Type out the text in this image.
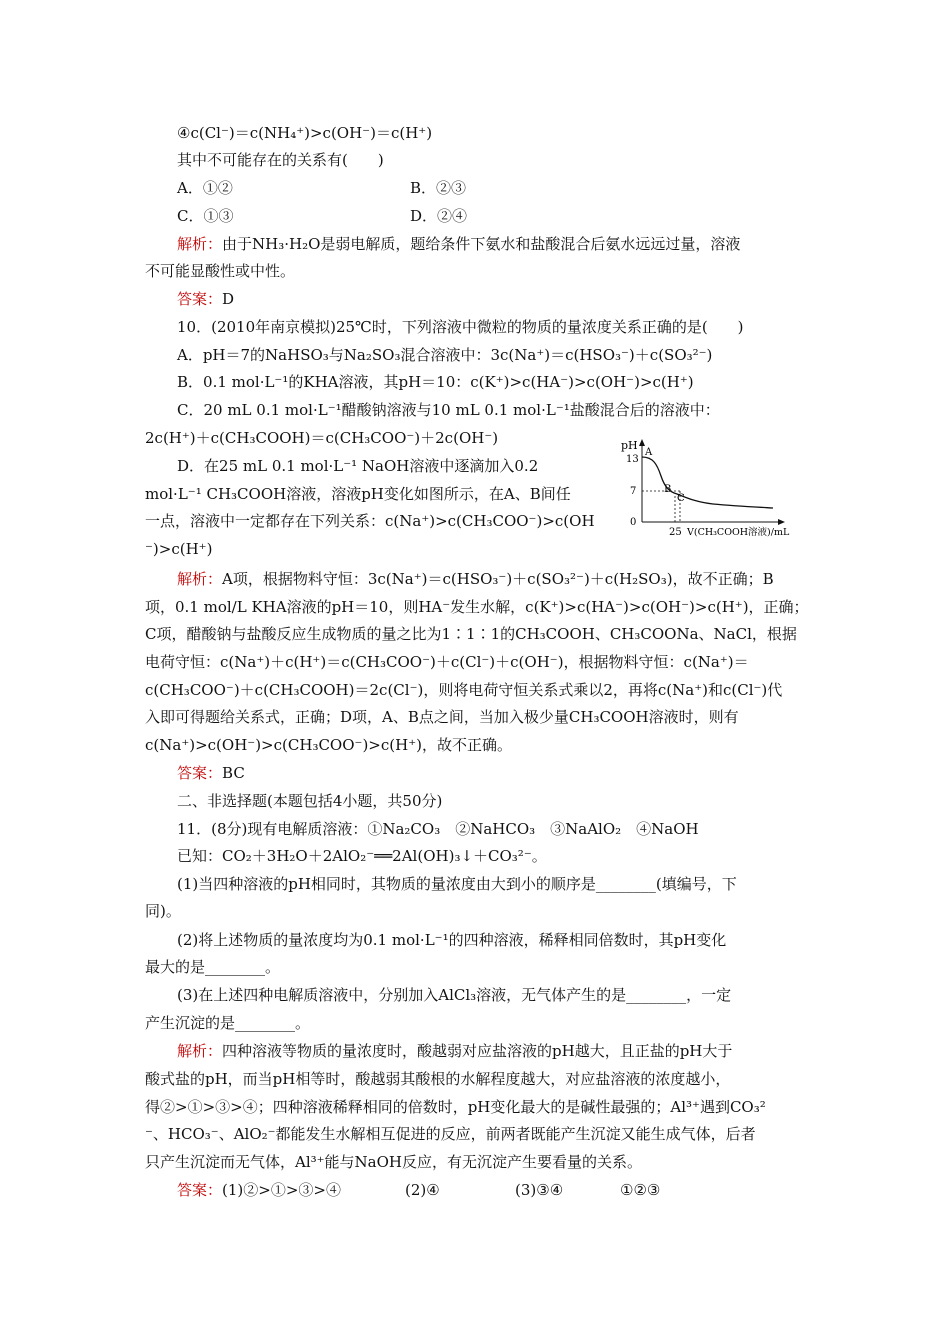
④c(Cl⁻)＝c(NH₄⁺)>c(OH⁻)＝c(H⁺)
其中不可能存在的关系有(　　)
A．①②	B．②③
C．①③	D．②④
解析：由于NH₃·H₂O是弱电解质，题给条件下氨水和盐酸混合后氨水远远过量，溶液
不可能显酸性或中性。
答案：D
10．(2010年南京模拟)25℃时，下列溶液中微粒的物质的量浓度关系正确的是(　　)
A．pH＝7的NaHSO₃与Na₂SO₃混合溶液中：3c(Na⁺)＝c(HSO₃⁻)＋c(SO₃²⁻)
B．0.1 mol·L⁻¹的KHA溶液，其pH＝10：c(K⁺)>c(HA⁻)>c(OH⁻)>c(H⁺)
C．20 mL 0.1 mol·L⁻¹醋酸钠溶液与10 mL 0.1 mol·L⁻¹盐酸混合后的溶液中：
2c(H⁺)＋c(CH₃COOH)＝c(CH₃COO⁻)＋2c(OH⁻)
D．在25 mL 0.1 mol·L⁻¹ NaOH溶液中逐滴加入0.2
mol·L⁻¹ CH₃COOH溶液，溶液pH变化如图所示，在A、B间任
一点，溶液中一定都存在下列关系：c(Na⁺)>c(CH₃COO⁻)>c(OH
⁻)>c(H⁺)
pH
13
7
0
A
B
C
25 V(CH₃COOH溶液)/mL
解析：A项，根据物料守恒：3c(Na⁺)＝c(HSO₃⁻)＋c(SO₃²⁻)＋c(H₂SO₃)，故不正确；B
项，0.1 mol/L KHA溶液的pH＝10，则HA⁻发生水解，c(K⁺)>c(HA⁻)>c(OH⁻)>c(H⁺)，正确；
C项，醋酸钠与盐酸反应生成物质的量之比为1∶1∶1的CH₃COOH、CH₃COONa、NaCl，根据
电荷守恒：c(Na⁺)＋c(H⁺)＝c(CH₃COO⁻)＋c(Cl⁻)＋c(OH⁻)，根据物料守恒：c(Na⁺)＝
c(CH₃COO⁻)＋c(CH₃COOH)＝2c(Cl⁻)，则将电荷守恒关系式乘以2，再将c(Na⁺)和c(Cl⁻)代
入即可得题给关系式，正确；D项，A、B点之间，当加入极少量CH₃COOH溶液时，则有
c(Na⁺)>c(OH⁻)>c(CH₃COO⁻)>c(H⁺)，故不正确。
答案：BC
二、非选择题(本题包括4小题，共50分)
11．(8分)现有电解质溶液：①Na₂CO₃　②NaHCO₃　③NaAlO₂　④NaOH
已知：CO₂＋3H₂O＋2AlO₂⁻══2Al(OH)₃↓＋CO₃²⁻。
(1)当四种溶液的pH相同时，其物质的量浓度由大到小的顺序是________(填编号，下
同)。
(2)将上述物质的量浓度均为0.1 mol·L⁻¹的四种溶液，稀释相同倍数时，其pH变化
最大的是________。
(3)在上述四种电解质溶液中，分别加入AlCl₃溶液，无气体产生的是________，一定
产生沉淀的是________。
解析：四种溶液等物质的量浓度时，酸越弱对应盐溶液的pH越大，且正盐的pH大于
酸式盐的pH，而当pH相等时，酸越弱其酸根的水解程度越大，对应盐溶液的浓度越小，
得②>①>③>④；四种溶液稀释相同的倍数时，pH变化最大的是碱性最强的；Al³⁺遇到CO₃²
⁻、HCO₃⁻、AlO₂⁻都能发生水解相互促进的反应，前两者既能产生沉淀又能生成气体，后者
只产生沉淀而无气体，Al³⁺能与NaOH反应，有无沉淀产生要看量的关系。
答案：(1)②>①>③>④	(2)④	(3)③④	①②③
